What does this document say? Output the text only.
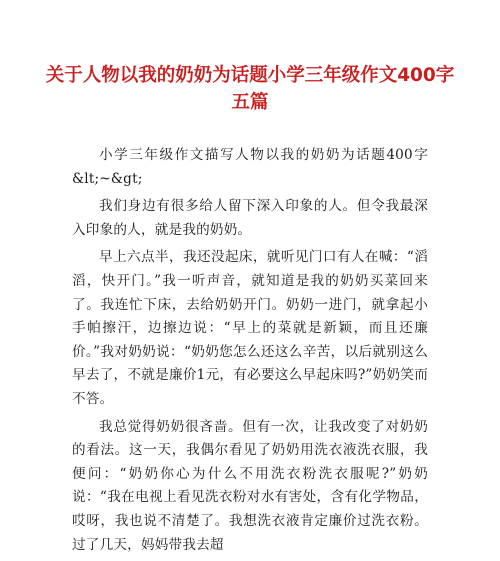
关于人物以我的奶奶为话题小学三年级作文400字五篇

小学三年级作文描写人物以我的奶奶为话题400字&lt;~&gt;

我们身边有很多给人留下深入印象的人。但令我最深入印象的人，就是我的奶奶。

早上六点半，我还没起床，就听见门口有人在喊：“滔滔，快开门。”我一听声音，就知道是我的奶奶买菜回来了。我连忙下床，去给奶奶开门。奶奶一进门，就拿起小手帕擦汗，边擦边说：“早上的菜就是新颖，而且还廉价。”我对奶奶说：“奶奶您怎么还这么辛苦，以后就别这么早去了，不就是廉价1元，有必要这么早起床吗?”奶奶笑而不答。

我总觉得奶奶很吝啬。但有一次，让我改变了对奶奶的看法。这一天，我偶尔看见了奶奶用洗衣液洗衣服，我便问：“奶奶你心为什么不用洗衣粉洗衣服呢?”奶奶说：“我在电视上看见洗衣粉对水有害处，含有化学物品，哎呀，我也说不清楚了。我想洗衣液肯定廉价过洗衣粉。过了几天，妈妈带我去超
